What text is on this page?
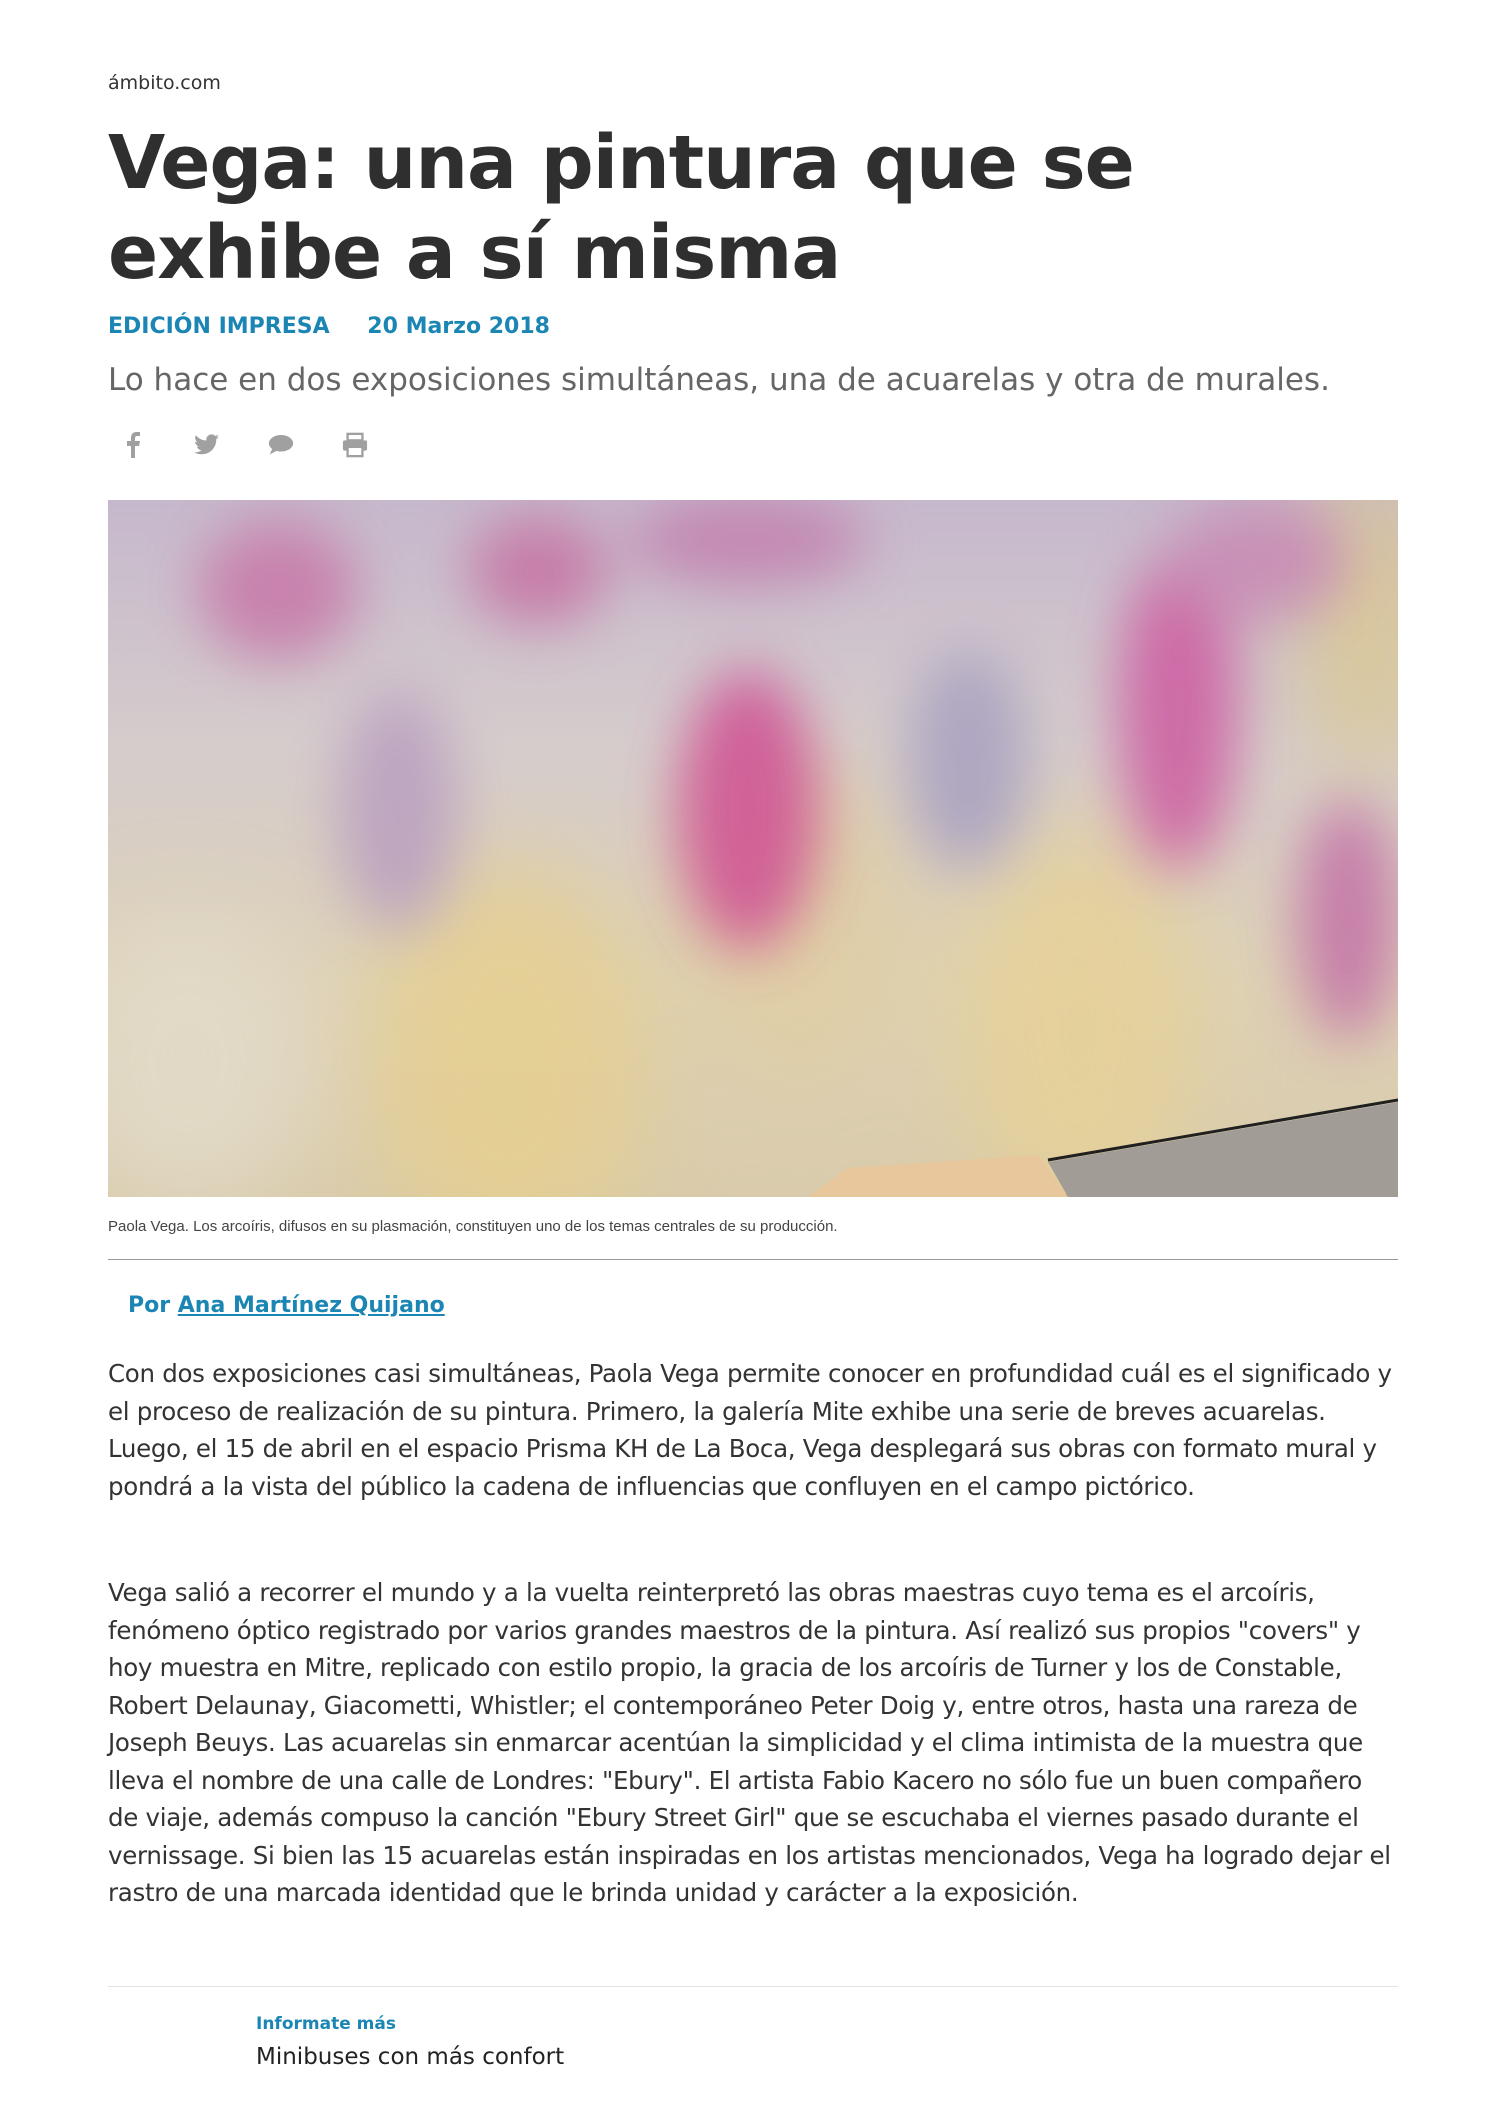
ámbito.com
Vega: una pintura que se exhibe a sí misma
EDICIÓN IMPRESA 20 Marzo 2018
Lo hace en dos exposiciones simultáneas, una de acuarelas y otra de murales.
Paola Vega. Los arcoíris, difusos en su plasmación, constituyen uno de los temas centrales de su producción.
Por Ana Martínez Quijano

Con dos exposiciones casi simultáneas, Paola Vega permite conocer en profundidad cuál es el significado y el proceso de realización de su pintura. Primero, la galería Mite exhibe una serie de breves acuarelas. Luego, el 15 de abril en el espacio Prisma KH de La Boca, Vega desplegará sus obras con formato mural y pondrá a la vista del público la cadena de influencias que confluyen en el campo pictórico.

Vega salió a recorrer el mundo y a la vuelta reinterpretó las obras maestras cuyo tema es el arcoíris, fenómeno óptico registrado por varios grandes maestros de la pintura. Así realizó sus propios "covers" y hoy muestra en Mitre, replicado con estilo propio, la gracia de los arcoíris de Turner y los de Constable, Robert Delaunay, Giacometti, Whistler; el contemporáneo Peter Doig y, entre otros, hasta una rareza de Joseph Beuys. Las acuarelas sin enmarcar acentúan la simplicidad y el clima intimista de la muestra que lleva el nombre de una calle de Londres: "Ebury". El artista Fabio Kacero no sólo fue un buen compañero de viaje, además compuso la canción "Ebury Street Girl" que se escuchaba el viernes pasado durante el vernissage. Si bien las 15 acuarelas están inspiradas en los artistas mencionados, Vega ha logrado dejar el rastro de una marcada identidad que le brinda unidad y carácter a la exposición.

Informate más
Minibuses con más confort
